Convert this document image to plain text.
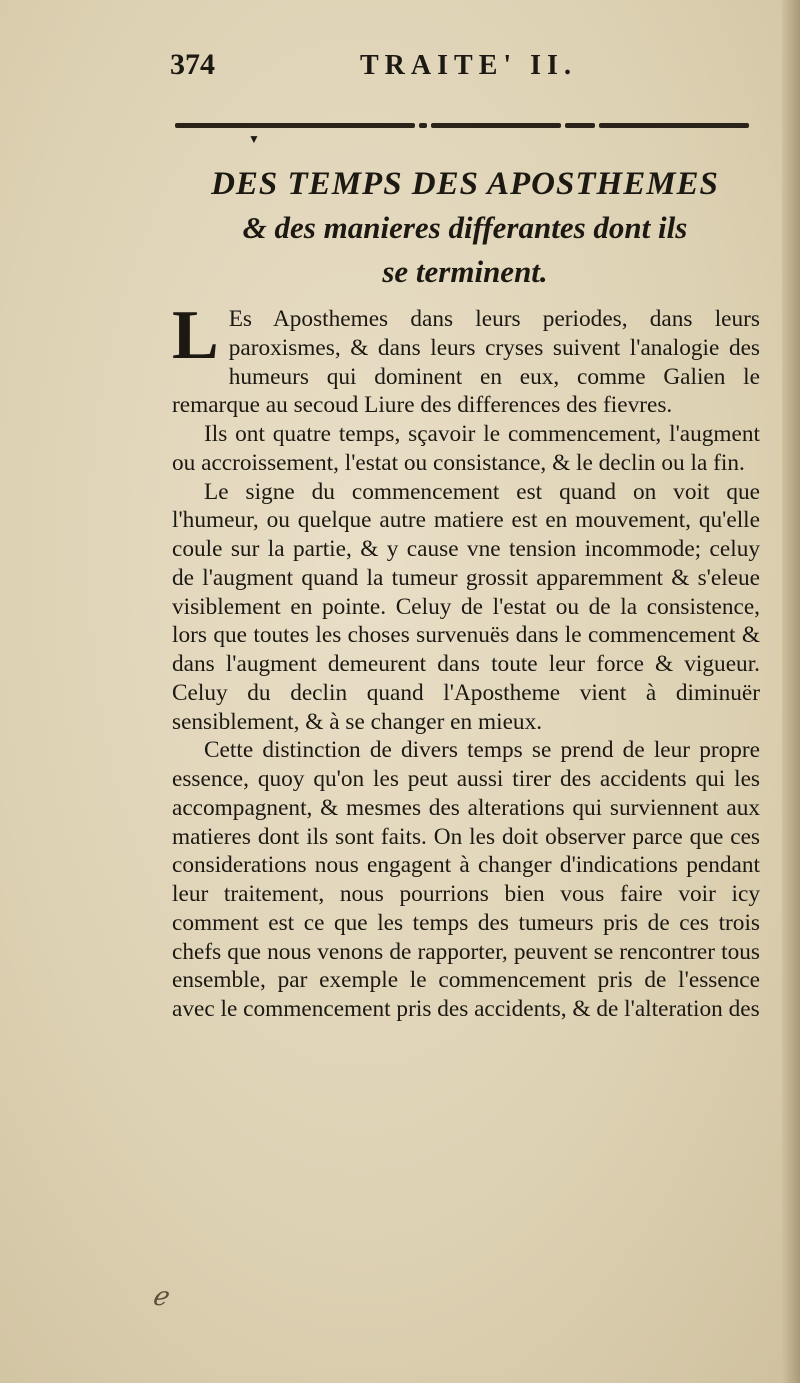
374	TRAITE' II.
▼
DES TEMPS DES APOSTHEMES
& des manieres differantes dont ils
se terminent.

L Es Aposthemes dans leurs periodes, dans leurs paroxismes, & dans leurs cryses suivent l'analogie des humeurs qui dominent en eux, comme Galien le remarque au secoud Liure des differences des fievres.

Ils ont quatre temps, sçavoir le commencement, l'augment ou accroissement, l'estat ou consistance, & le declin ou la fin.

Le signe du commencement est quand on voit que l'humeur, ou quelque autre matiere est en mouvement, qu'elle coule sur la partie, & y cause vne tension incommode; celuy de l'augment quand la tumeur grossit apparemment & s'eleue visiblement en pointe. Celuy de l'estat ou de la consistence, lors que toutes les choses survenuës dans le commencement & dans l'augment demeurent dans toute leur force & vigueur. Celuy du declin quand l'Apostheme vient à diminuër sensiblement, & à se changer en mieux.

Cette distinction de divers temps se prend de leur propre essence, quoy qu'on les peut aussi tirer des accidents qui les accompagnent, & mesmes des alterations qui surviennent aux matieres dont ils sont faits. On les doit observer parce que ces considerations nous engagent à changer d'indications pendant leur traitement, nous pourrions bien vous faire voir icy comment est ce que les temps des tumeurs pris de ces trois chefs que nous venons de rapporter, peuvent se rencontrer tous ensemble, par exemple le commencement pris de l'essence avec le commencement pris des accidents, & de l'alteration des

ℯ
